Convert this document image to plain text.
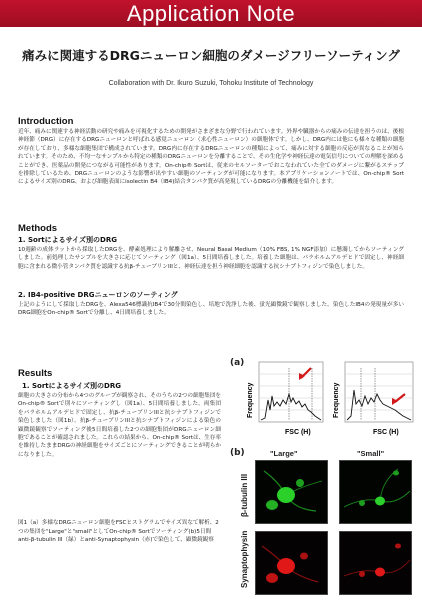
Application Note
痛みに関連するDRGニューロン細胞のダメージフリーソーティング
Collaboration with Dr. Ikuro Suzuki, Tohoku Institute of Technology
Introduction
近年、痛みに関連する神経活動の研究や痛みを可視化するための開発がさまざまな分野で行われています。外界や臓器からの痛みの伝達を担うのは、後根神経節（DRG）に存在するDRGニューロンと呼ばれる感覚ニューロン（求心性ニューロン）の細胞体です。しかし、DRG内には他にも様々な種類の細胞が存在しており、多様な細胞集団で構成されています。DRG内に存在するDRGニューロンの種類によって、痛みに対する細胞の反応が異なることが知られています。そのため、不均一なサンプルから特定の種類のDRGニューロンを分離することで、その生化学や神経伝達の電気信号についての理解を深めることができ、医薬品の開発につながる可能性があります。On-chip® Sortは、従来のセルソーターでおこなわれていた全てのダメージに繋がるステップを排除しているため、DRGニューロンのような影響が出やすい細胞のソーティングが可能になります。本アプリケーションノートでは、On-chip® Sortによるサイズ別のDRG、および細胞表面にisolectin B4（IB4)結合タンパク質が高発現しているDRGの分離機能を紹介します。
Methods
1. Sortによるサイズ別のDRG
10週齢の成体ラットから採取したDRGを、酵素処理により解離させ、Neural Basal Medium（10% FBS, 1% NGF添加）に懸濁してからソーティングしました。前処理したサンプルを大きさに応じてソーティング（図1a）、5日間培養しました。培養した細胞は、パラホルムアルデヒドで固定し、神経細胞に含まれる微小管タンパク質を認識する抗β-チューブリンIIIと、神経伝達を担う神経細胞を認識する抗シナプトフィジンで染色しました。
2. IB4-positive DRGニューロンのソーティング
上記のようにして採取したDRGを、Alexa546標識抗IB4で30分間染色し、培地で洗浄した後、蛍光顕微鏡で観察しました。染色したIB4の発現量が多いDRG細胞をOn-chip® Sortで分離し、4日間培養しました。
Results
1. Sortによるサイズ別のDRG
細胞の大きさの分布から4つのグループが観察され、そのうちの2つの細胞集団をOn-chip® Sortで別々にソーティングし（図1a）、5日間培養しました。両集団をパラホルムアルデヒドで固定し、抗β-チューブリンIIIと抗シナプトフィジンで染色しました（図1b）。抗β-チューブリンIIIと抗シナプトフィジンによる染色の顕微鏡観察でソーティング後5日間培養した2つの細胞集団がDRGニューロン細胞であることが確認されました。これらの結果から、On-chip® Sortは、生存率を維持したままDRGの神経細胞をサイズごとにソーティングできることが明らかになりました。
図1（a）多様なDRGニューロン細胞をFSCヒストグラムでサイズ異なて解析、2つの集団を"Large"と"small"としてOn-chip® Sortでソーティング(b)5日間anti-β-tubulin III（緑）とanti-Synaptophysin（赤)で染色して、顕微鏡観察
(a)
FSC (H)	FSC (H)
Frequency	Frequency
(b)	"Large"	"Small"
β-tubulin III
Synaptophysin
